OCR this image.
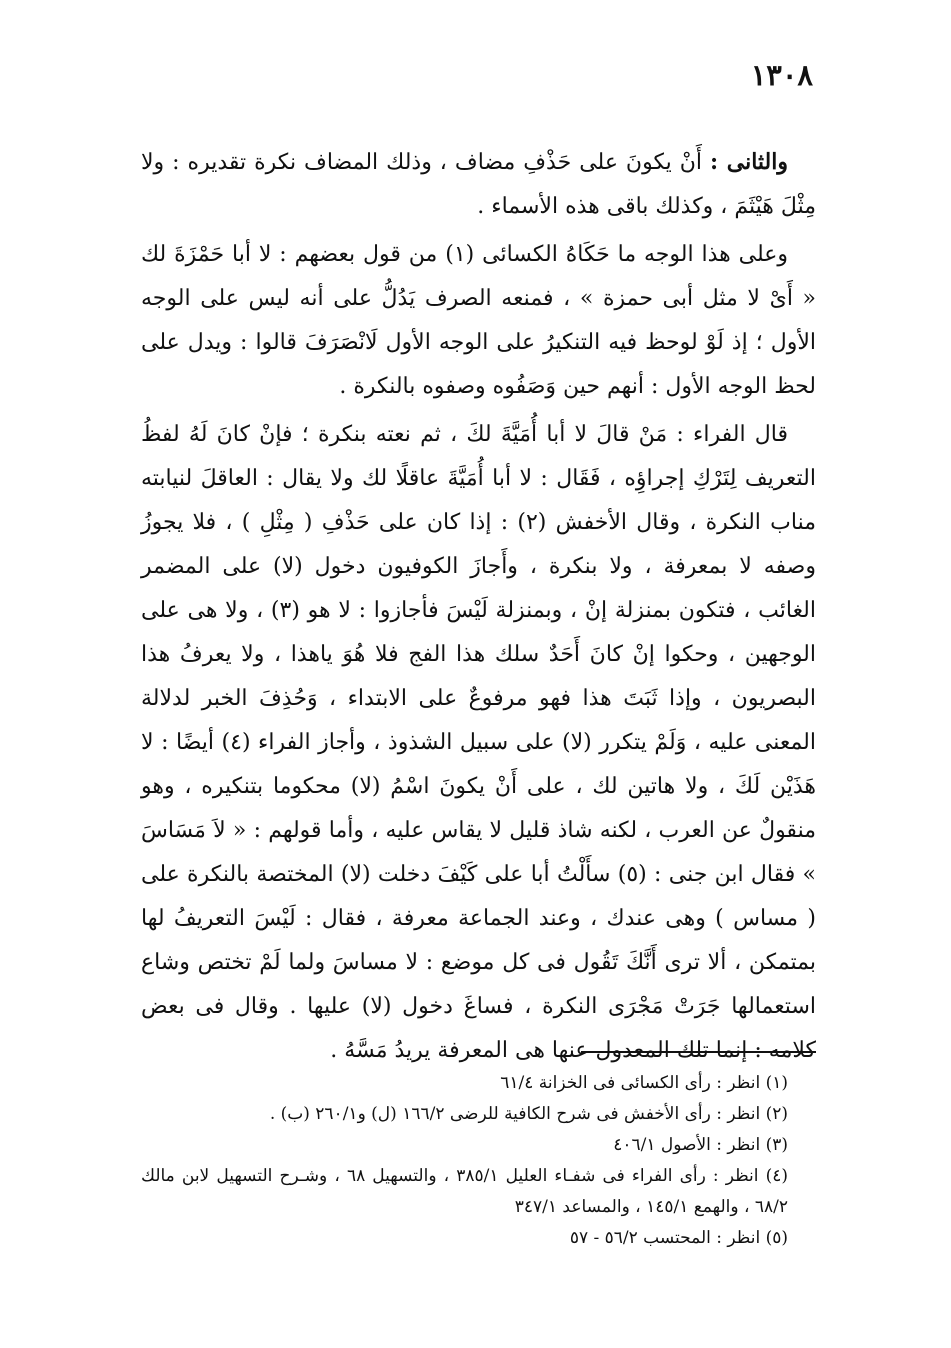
١٣٠٨

والثانى : أَنْ يكونَ على حَذْفِ مضاف ، وذلك المضاف نكرة تقديره : ولا مِثْلَ هَيْثَمَ ، وكذلك باقى هذه الأسماء .

وعلى هذا الوجه ما حَكَاهُ الكسائى (١) من قول بعضهم : لا أبا حَمْزَةَ لك « أَىْ لا مثل أبى حمزة » ، فمنعه الصرف يَدُلُّ على أنه ليس على الوجه الأول ؛ إذ لَوْ لوحظ فيه التنكيرُ على الوجه الأول لَانْصَرَفَ قالوا : ويدل على لحظ الوجه الأول : أنهم حين وَصَفُوه وصفوه بالنكرة .

قال الفراء : مَنْ قالَ لا أبا أُمَيَّةَ لكَ ، ثم نعته بنكرة ؛ فإنْ كانَ لَهُ لفظُ التعريف لِتَرْكِ إجراؤِه ، فَقَال : لا أبا أُمَيَّةَ عاقلًا لك ولا يقال : العاقلَ لنيابته مناب النكرة ، وقال الأخفش (٢) : إذا كان على حَذْفِ ( مِثْلِ ) ، فلا يجوزُ وصفه لا بمعرفة ، ولا بنكرة ، وأَجازَ الكوفيون دخول (لا) على المضمر الغائب ، فتكون بمنزلة إنْ ، وبمنزلة لَيْسَ فأجازوا : لا هو (٣) ، ولا هى على الوجهين ، وحكوا إنْ كانَ أَحَدٌ سلك هذا الفج فلا هُوَ ياهذا ، ولا يعرفُ هذا البصريون ، وإذا ثَبَتَ هذا فهو مرفوعٌ على الابتداء ، وَحُذِفَ الخبر لدلالة المعنى عليه ، وَلَمْ يتكرر (لا) على سبيل الشذوذ ، وأجاز الفراء (٤) أيضًا : لا هَذَيْن لَكَ ، ولا هاتين لك ، على أَنْ يكونَ اسْمُ (لا) محكوما بتنكيره ، وهو منقولٌ عن العرب ، لكنه شاذ قليل لا يقاس عليه ، وأما قولهم : « لاَ مَسَاسَ » فقال ابن جنى : (٥) سأَلْتُ أبا على كَيْفَ دخلت (لا) المختصة بالنكرة على ( مساس ) وهى عندك ، وعند الجماعة معرفة ، فقال : لَيْسَ التعريفُ لها بمتمكن ، ألا ترى أَنَّكَ تَقُول فى كل موضع : لا مساسَ ولما لَمْ تختص وشاع استعمالها جَرَتْ مَجْرَى النكرة ، فساغَ دخول (لا) عليها . وقال فى بعض كلامه : إنما تلك المعدول عنها هى المعرفة يريدُ مَسَّهُ .

(١) انظر : رأى الكسائى فى الخزانة ٦١/٤
(٢) انظر : رأى الأخفش فى شرح الكافية للرضى ١٦٦/٢ (ل) و٢٦٠/١ (ب) .
(٣) انظر : الأصول ٤٠٦/١
(٤) انظر : رأى الفراء فى شفـاء العليل ٣٨٥/١ ، والتسهيل ٦٨ ، وشـرح التسهيل لابن مالك ٦٨/٢ ، والهمع ١٤٥/١ ، والمساعد ٣٤٧/١
(٥) انظر : المحتسب ٥٦/٢ - ٥٧
